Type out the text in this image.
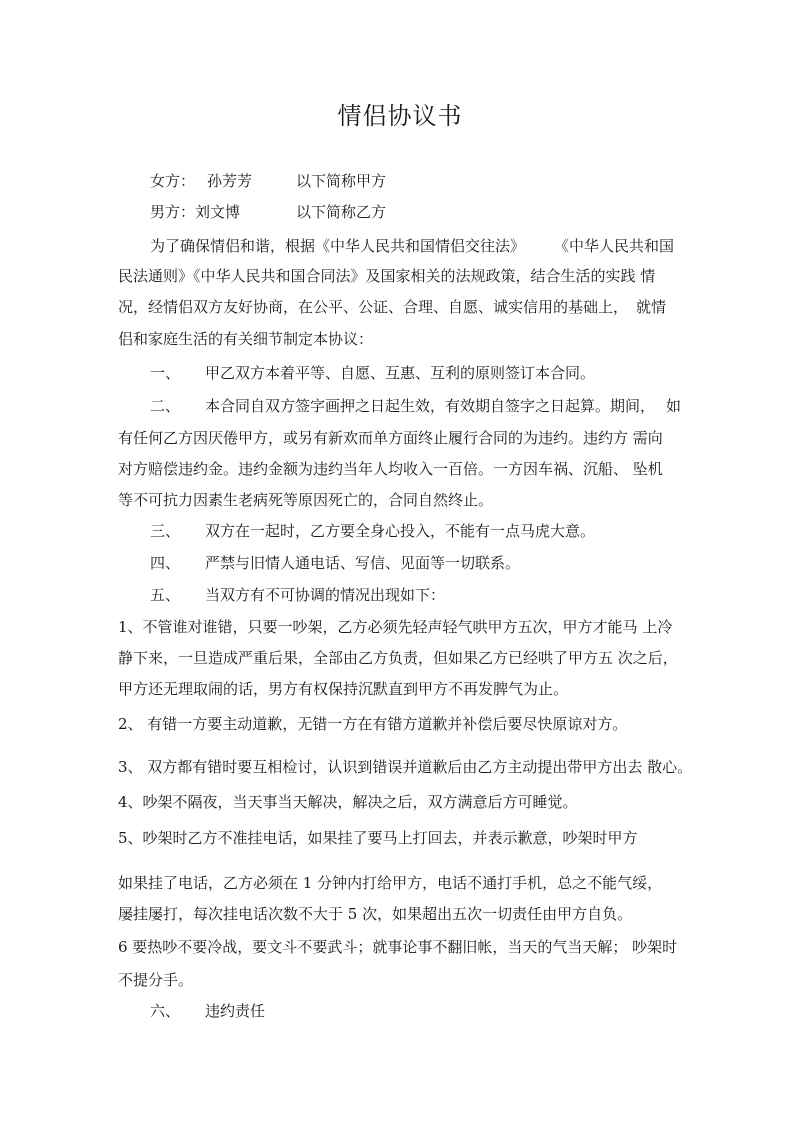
情侣协议书
女方： 孙芳芳	以下简称甲方
男方：刘文博	以下简称乙方
为了确保情侣和谐，根据《中华人民共和国情侣交往法》 《中华人民共和国
民法通则》《中华人民共和国合同法》及国家相关的法规政策，结合生活的实践 情
况，经情侣双方友好协商，在公平、公证、合理、自愿、诚实信用的基础上， 就情
侣和家庭生活的有关细节制定本协议：
一、 甲乙双方本着平等、自愿、互惠、互利的原则签订本合同。
二、 本合同自双方签字画押之日起生效，有效期自签字之日起算。期间， 如
有任何乙方因厌倦甲方，或另有新欢而单方面终止履行合同的为违约。违约方 需向
对方赔偿违约金。违约金额为违约当年人均收入一百倍。一方因车祸、沉船、 坠机
等不可抗力因素生老病死等原因死亡的，合同自然终止。
三、 双方在一起时，乙方要全身心投入，不能有一点马虎大意。
四、 严禁与旧情人通电话、写信、见面等一切联系。
五、 当双方有不可协调的情况出现如下：
1、不管谁对谁错，只要一吵架，乙方必须先轻声轻气哄甲方五次，甲方才能马 上冷
静下来，一旦造成严重后果，全部由乙方负责，但如果乙方已经哄了甲方五 次之后，
甲方还无理取闹的话，男方有权保持沉默直到甲方不再发脾气为止。
2、 有错一方要主动道歉，无错一方在有错方道歉并补偿后要尽快原谅对方。
3、 双方都有错时要互相检讨，认识到错误并道歉后由乙方主动提出带甲方出去 散心。
4、吵架不隔夜，当天事当天解决，解决之后，双方满意后方可睡觉。
5、吵架时乙方不准挂电话，如果挂了要马上打回去，并表示歉意，吵架时甲方
如果挂了电话，乙方必须在 1 分钟内打给甲方，电话不通打手机，总之不能气绥，
屡挂屡打，每次挂电话次数不大于 5 次，如果超出五次一切责任由甲方自负。
6 要热吵不要冷战，要文斗不要武斗；就事论事不翻旧帐，当天的气当天解； 吵架时
不提分手。
六、 违约责任
